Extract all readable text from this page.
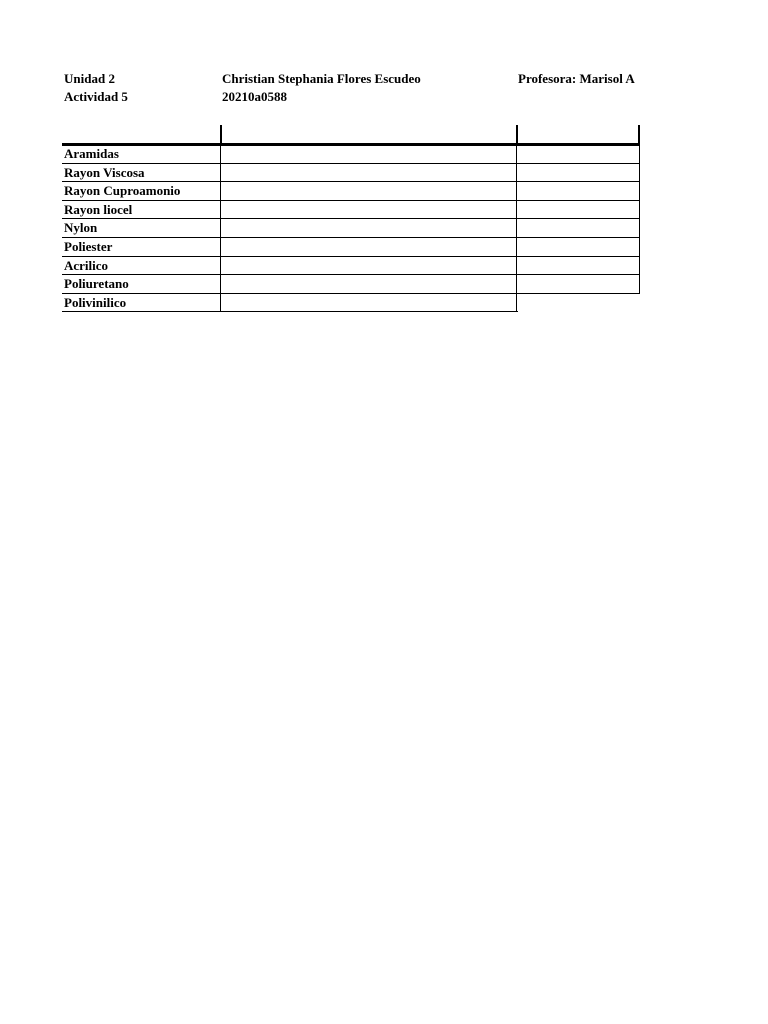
Unidad 2
Actividad 5
Christian Stephania Flores Escudeo
20210a0588
Profesora: Marisol A
Aramidas
Rayon Viscosa
Rayon Cuproamonio
Rayon liocel
Nylon
Poliester
Acrilico
Poliuretano
Polivinilico
